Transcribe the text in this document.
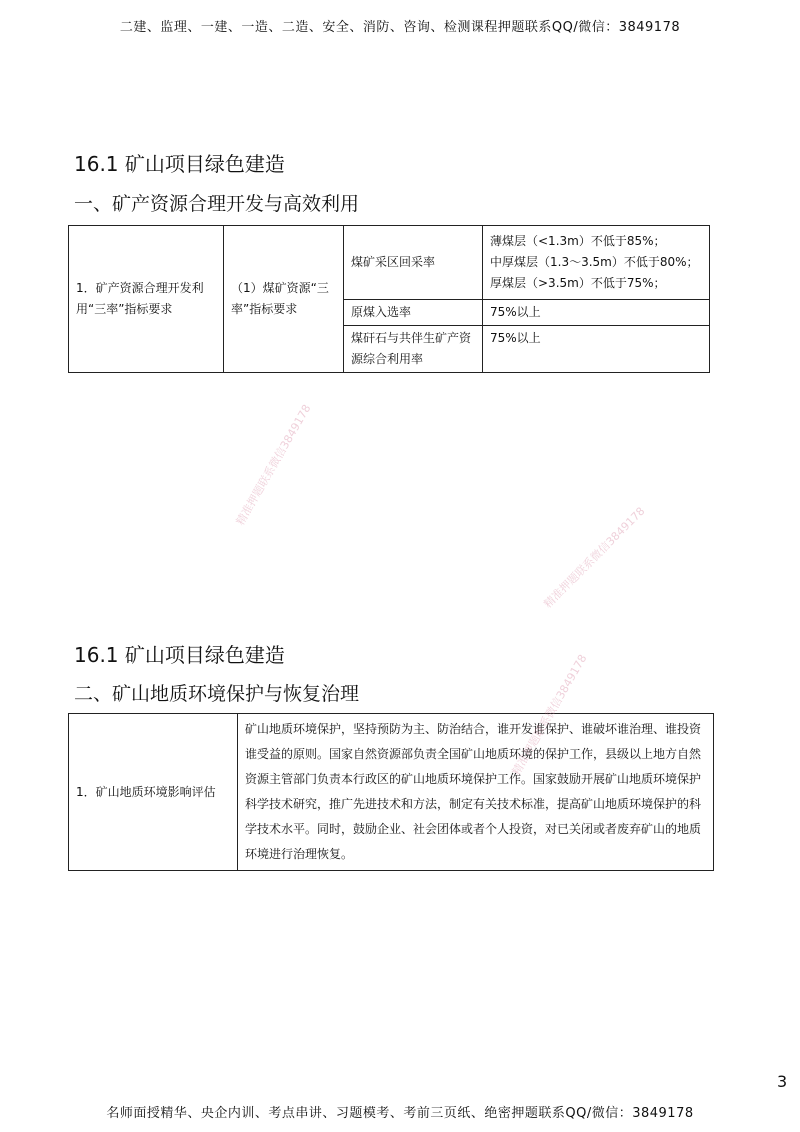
二建、监理、一建、一造、二造、安全、消防、咨询、检测课程押题联系QQ/微信：3849178
16.1 矿山项目绿色建造
一、矿产资源合理开发与高效利用
1．矿产资源合理开发利用“三率”指标要求	（1）煤矿资源“三率”指标要求	煤矿采区回采率	薄煤层（<1.3m）不低于85%；
中厚煤层（1.3～3.5m）不低于80%；
厚煤层（>3.5m）不低于75%；

		原煤入选率	75%以上
		煤矸石与共伴生矿产资源综合利用率	75%以上
16.1 矿山项目绿色建造
二、矿山地质环境保护与恢复治理
1．矿山地质环境影响评估	矿山地质环境保护，坚持预防为主、防治结合，谁开发谁保护、谁破坏谁治理、谁投资谁受益的原则。国家自然资源部负责全国矿山地质环境的保护工作，县级以上地方自然资源主管部门负责本行政区的矿山地质环境保护工作。国家鼓励开展矿山地质环境保护科学技术研究，推广先进技术和方法，制定有关技术标准，提高矿山地质环境保护的科学技术水平。同时，鼓励企业、社会团体或者个人投资，对已关闭或者废弃矿山的地质环境进行治理恢复。
精准押题联系微信3849178
精准押题联系微信3849178
精准押题联系微信3849178
3
名师面授精华、央企内训、考点串讲、习题模考、考前三页纸、绝密押题联系QQ/微信：3849178
